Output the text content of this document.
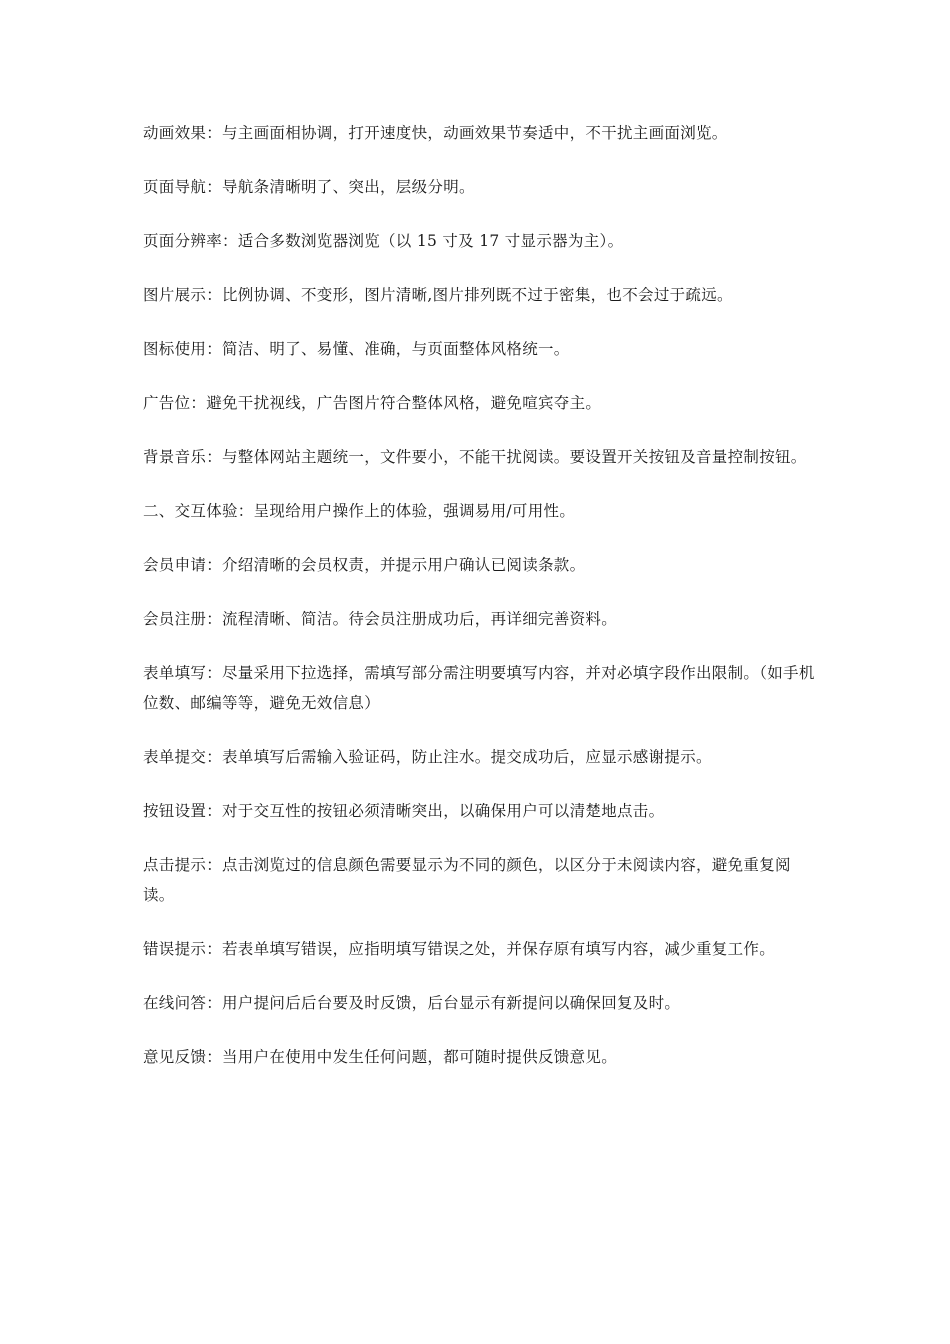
动画效果：与主画面相协调，打开速度快，动画效果节奏适中，不干扰主画面浏览。

页面导航：导航条清晰明了、突出，层级分明。

页面分辨率：适合多数浏览器浏览（以 15 寸及 17 寸显示器为主）。

图片展示：比例协调、不变形，图片清晰,图片排列既不过于密集，也不会过于疏远。

图标使用：简洁、明了、易懂、准确，与页面整体风格统一。

广告位：避免干扰视线，广告图片符合整体风格，避免喧宾夺主。

背景音乐：与整体网站主题统一，文件要小，不能干扰阅读。要设置开关按钮及音量控制按钮。

二、交互体验：呈现给用户操作上的体验，强调易用/可用性。

会员申请：介绍清晰的会员权责，并提示用户确认已阅读条款。

会员注册：流程清晰、简洁。待会员注册成功后，再详细完善资料。

表单填写：尽量采用下拉选择，需填写部分需注明要填写内容，并对必填字段作出限制。（如手机位数、邮编等等，避免无效信息）

表单提交：表单填写后需输入验证码，防止注水。提交成功后，应显示感谢提示。

按钮设置：对于交互性的按钮必须清晰突出，以确保用户可以清楚地点击。

点击提示：点击浏览过的信息颜色需要显示为不同的颜色，以区分于未阅读内容，避免重复阅读。

错误提示：若表单填写错误，应指明填写错误之处，并保存原有填写内容，减少重复工作。

在线问答：用户提问后后台要及时反馈，后台显示有新提问以确保回复及时。

意见反馈：当用户在使用中发生任何问题，都可随时提供反馈意见。
